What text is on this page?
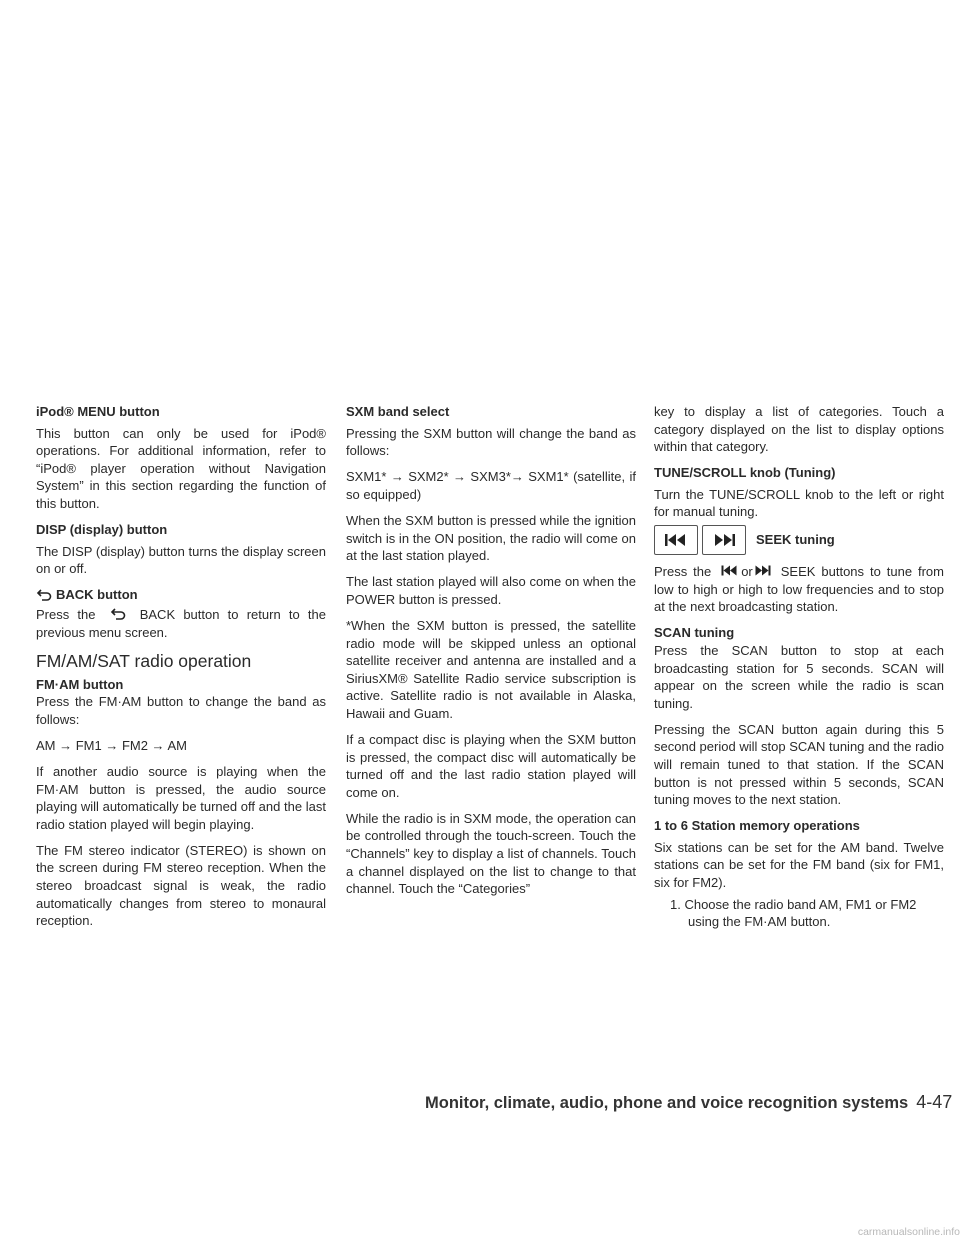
iPod® MENU button

This button can only be used for iPod® operations. For additional information, refer to “iPod® player operation without Navigation System” in this section regarding the function of this button.

DISP (display) button

The DISP (display) button turns the display screen on or off.

BACK button

Press the	BACK button to return to the previous menu screen.

FM/AM/SAT radio operation
FM·AM button

Press the FM·AM button to change the band as follows:

AM → FM1 → FM2 → AM

If another audio source is playing when the FM·AM button is pressed, the audio source playing will automatically be turned off and the last radio station played will begin playing.

The FM stereo indicator (STEREO) is shown on the screen during FM stereo reception. When the stereo broadcast signal is weak, the radio automatically changes from stereo to monaural reception.

SXM band select

Pressing the SXM button will change the band as follows:

SXM1* → SXM2* → SXM3*→ SXM1* (satellite, if so equipped)

When the SXM button is pressed while the ignition switch is in the ON position, the radio will come on at the last station played.

The last station played will also come on when the POWER button is pressed.

*When the SXM button is pressed, the satellite radio mode will be skipped unless an optional satellite receiver and antenna are installed and a SiriusXM® Satellite Radio service subscription is active. Satellite radio is not available in Alaska, Hawaii and Guam.

If a compact disc is playing when the SXM button is pressed, the compact disc will automatically be turned off and the last radio station played will come on.

While the radio is in SXM mode, the operation can be controlled through the touch-screen. Touch the “Channels” key to display a list of channels. Touch a channel displayed on the list to change to that channel. Touch the “Categories”

key to display a list of categories. Touch a category displayed on the list to display options within that category.

TUNE/SCROLL knob (Tuning)

Turn the TUNE/SCROLL knob to the left or right for manual tuning.

SEEK tuning

Press the or SEEK buttons to tune from low to high or high to low frequencies and to stop at the next broadcasting station.

SCAN tuning

Press the SCAN button to stop at each broadcasting station for 5 seconds. SCAN will appear on the screen while the radio is scan tuning.

Pressing the SCAN button again during this 5 second period will stop SCAN tuning and the radio will remain tuned to that station. If the SCAN button is not pressed within 5 seconds, SCAN tuning moves to the next station.

1 to 6 Station memory operations

Six stations can be set for the AM band. Twelve stations can be set for the FM band (six for FM1, six for FM2).

1. Choose the radio band AM, FM1 or FM2 using the FM·AM button.

Monitor, climate, audio, phone and voice recognition systems 4-47
carmanualsonline.info
